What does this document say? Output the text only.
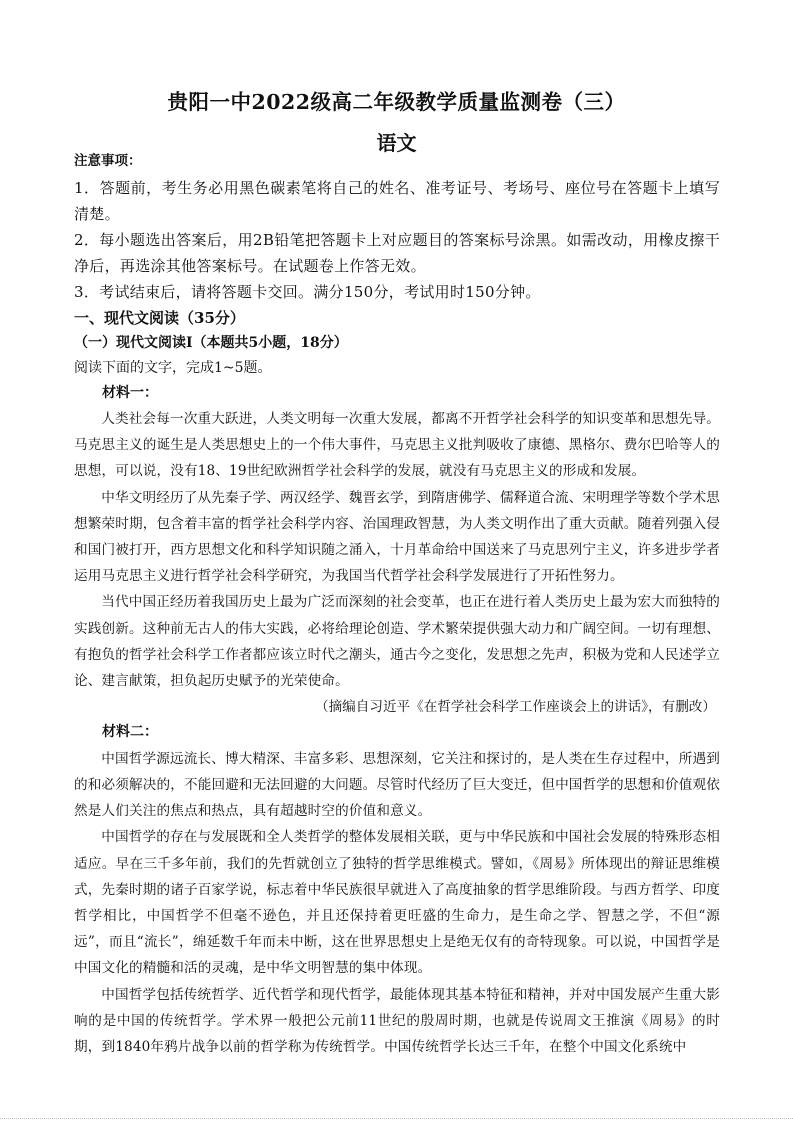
贵阳一中2022级高二年级教学质量监测卷（三）
语文
注意事项：

1．答题前，考生务必用黑色碳素笔将自己的姓名、准考证号、考场号、座位号在答题卡上填写清楚。

2．每小题选出答案后，用2B铅笔把答题卡上对应题目的答案标号涂黑。如需改动，用橡皮擦干净后，再选涂其他答案标号。在试题卷上作答无效。

3．考试结束后，请将答题卡交回。满分150分，考试用时150分钟。

一、现代文阅读（35分）

（一）现代文阅读Ⅰ（本题共5小题，18分）

阅读下面的文字，完成1~5题。

材料一：

人类社会每一次重大跃进，人类文明每一次重大发展，都离不开哲学社会科学的知识变革和思想先导。马克思主义的诞生是人类思想史上的一个伟大事件，马克思主义批判吸收了康德、黑格尔、费尔巴哈等人的思想，可以说，没有18、19世纪欧洲哲学社会科学的发展，就没有马克思主义的形成和发展。

中华文明经历了从先秦子学、两汉经学、魏晋玄学，到隋唐佛学、儒释道合流、宋明理学等数个学术思想繁荣时期，包含着丰富的哲学社会科学内容、治国理政智慧，为人类文明作出了重大贡献。随着列强入侵和国门被打开，西方思想文化和科学知识随之涌入，十月革命给中国送来了马克思列宁主义，许多进步学者运用马克思主义进行哲学社会科学研究，为我国当代哲学社会科学发展进行了开拓性努力。

当代中国正经历着我国历史上最为广泛而深刻的社会变革，也正在进行着人类历史上最为宏大而独特的实践创新。这种前无古人的伟大实践，必将给理论创造、学术繁荣提供强大动力和广阔空间。一切有理想、有抱负的哲学社会科学工作者都应该立时代之潮头，通古今之变化，发思想之先声，积极为党和人民述学立论、建言献策，担负起历史赋予的光荣使命。

（摘编自习近平《在哲学社会科学工作座谈会上的讲话》，有删改）

材料二：

中国哲学源远流长、博大精深、丰富多彩、思想深刻，它关注和探讨的，是人类在生存过程中，所遇到的和必须解决的，不能回避和无法回避的大问题。尽管时代经历了巨大变迁，但中国哲学的思想和价值观依然是人们关注的焦点和热点，具有超越时空的价值和意义。

中国哲学的存在与发展既和全人类哲学的整体发展相关联，更与中华民族和中国社会发展的特殊形态相适应。早在三千多年前，我们的先哲就创立了独特的哲学思维模式。譬如，《周易》所体现出的辩证思维模式，先秦时期的诸子百家学说，标志着中华民族很早就进入了高度抽象的哲学思维阶段。与西方哲学、印度哲学相比，中国哲学不但毫不逊色，并且还保持着更旺盛的生命力，是生命之学、智慧之学，不但“源远”，而且“流长”，绵延数千年而未中断，这在世界思想史上是绝无仅有的奇特现象。可以说，中国哲学是中国文化的精髓和活的灵魂，是中华文明智慧的集中体现。

中国哲学包括传统哲学、近代哲学和现代哲学，最能体现其基本特征和精神，并对中国发展产生重大影响的是中国的传统哲学。学术界一般把公元前11世纪的殷周时期，也就是传说周文王推演《周易》的时期，到1840年鸦片战争以前的哲学称为传统哲学。中国传统哲学长达三千年，在整个中国文化系统中
